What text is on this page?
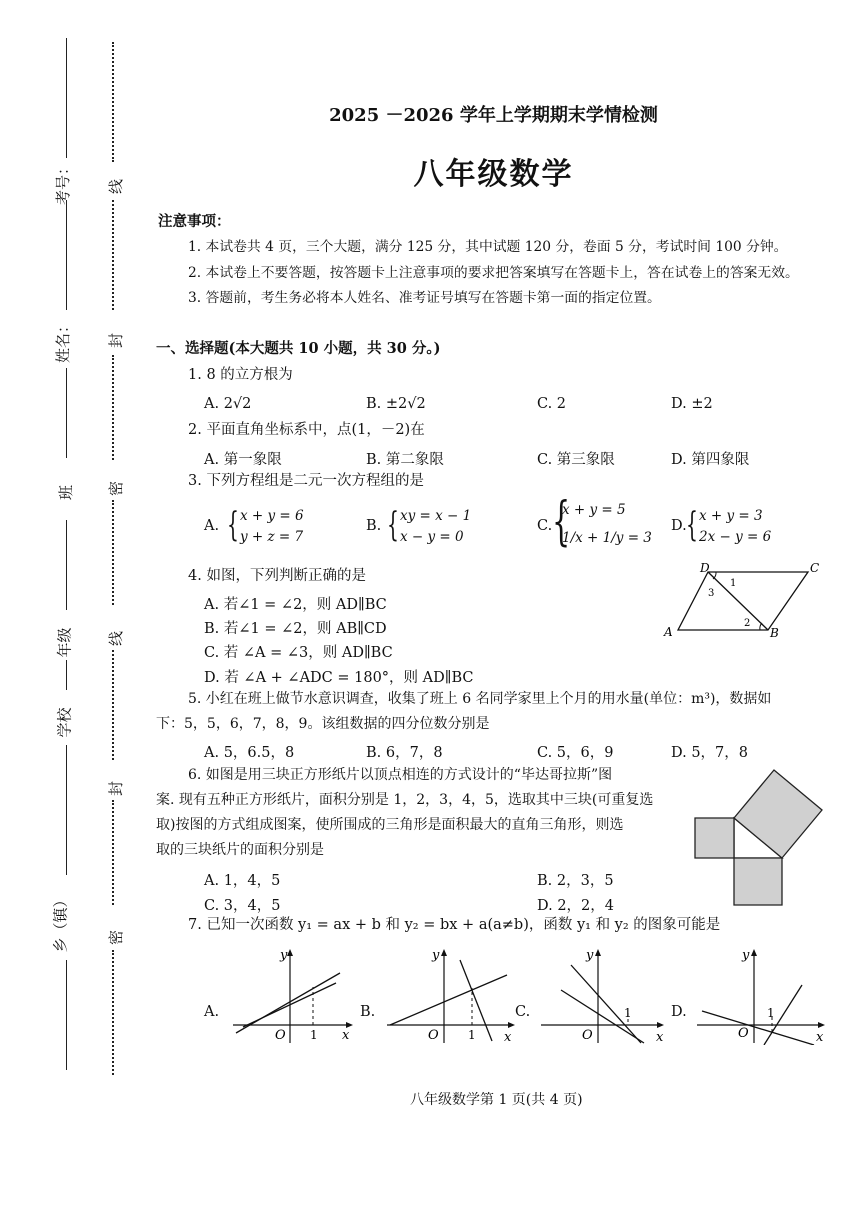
考号：
姓名：
班
年级
学校
乡（镇）
线
封
密
线
封
密
2025 －2026 学年上学期期末学情检测
八年级数学
注意事项：
1. 本试卷共 4 页，三个大题，满分 125 分，其中试题 120 分，卷面 5 分，考试时间 100 分钟。
2. 本试卷上不要答题，按答题卡上注意事项的要求把答案填写在答题卡上，答在试卷上的答案无效。
3. 答题前，考生务必将本人姓名、准考证号填写在答题卡第一面的指定位置。
一、选择题(本大题共 10 小题，共 30 分。)
1. 8 的立方根为
A. 2√2	B. ±2√2	C. 2	D. ±2
2. 平面直角坐标系中，点(1，－2)在
A. 第一象限	B. 第二象限	C. 第三象限	D. 第四象限
3. 下列方程组是二元一次方程组的是
A. { x + y = 6
y + z = 7
B. { xy = x − 1
x − y = 0
C. {
x + y = 5
1/x + 1/y = 3
D. { x + y = 3
2x − y = 6
4. 如图，下列判断正确的是
A. 若∠1 = ∠2，则 AD∥BC
B. 若∠1 = ∠2，则 AB∥CD
C. 若 ∠A = ∠3，则 AD∥BC
D. 若 ∠A + ∠ADC = 180°，则 AD∥BC
D	C
A	B
1
3
2
5. 小红在班上做节水意识调查，收集了班上 6 名同学家里上个月的用水量(单位：m³)，数据如
下：5，5，6，7，8，9。该组数据的四分位数分别是
A. 5，6.5，8	B. 6，7，8	C. 5，6，9	D. 5，7，8
6. 如图是用三块正方形纸片以顶点相连的方式设计的“毕达哥拉斯”图
案. 现有五种正方形纸片，面积分别是 1，2，3，4，5，选取其中三块(可重复选
取)按图的方式组成图案，使所围成的三角形是面积最大的直角三角形，则选
取的三块纸片的面积分别是
A. 1，4，5	B. 2，3，5
C. 3，4，5	D. 2，2，4
7. 已知一次函数 y₁ = ax + b 和 y₂ = bx + a(a≠b)，函数 y₁ 和 y₂ 的图象可能是
A.
O 1 x
y
B.
O 1 x
y
C.
O
1
x
y
D.
O
1
x
y
八年级数学第 1 页(共 4 页)
